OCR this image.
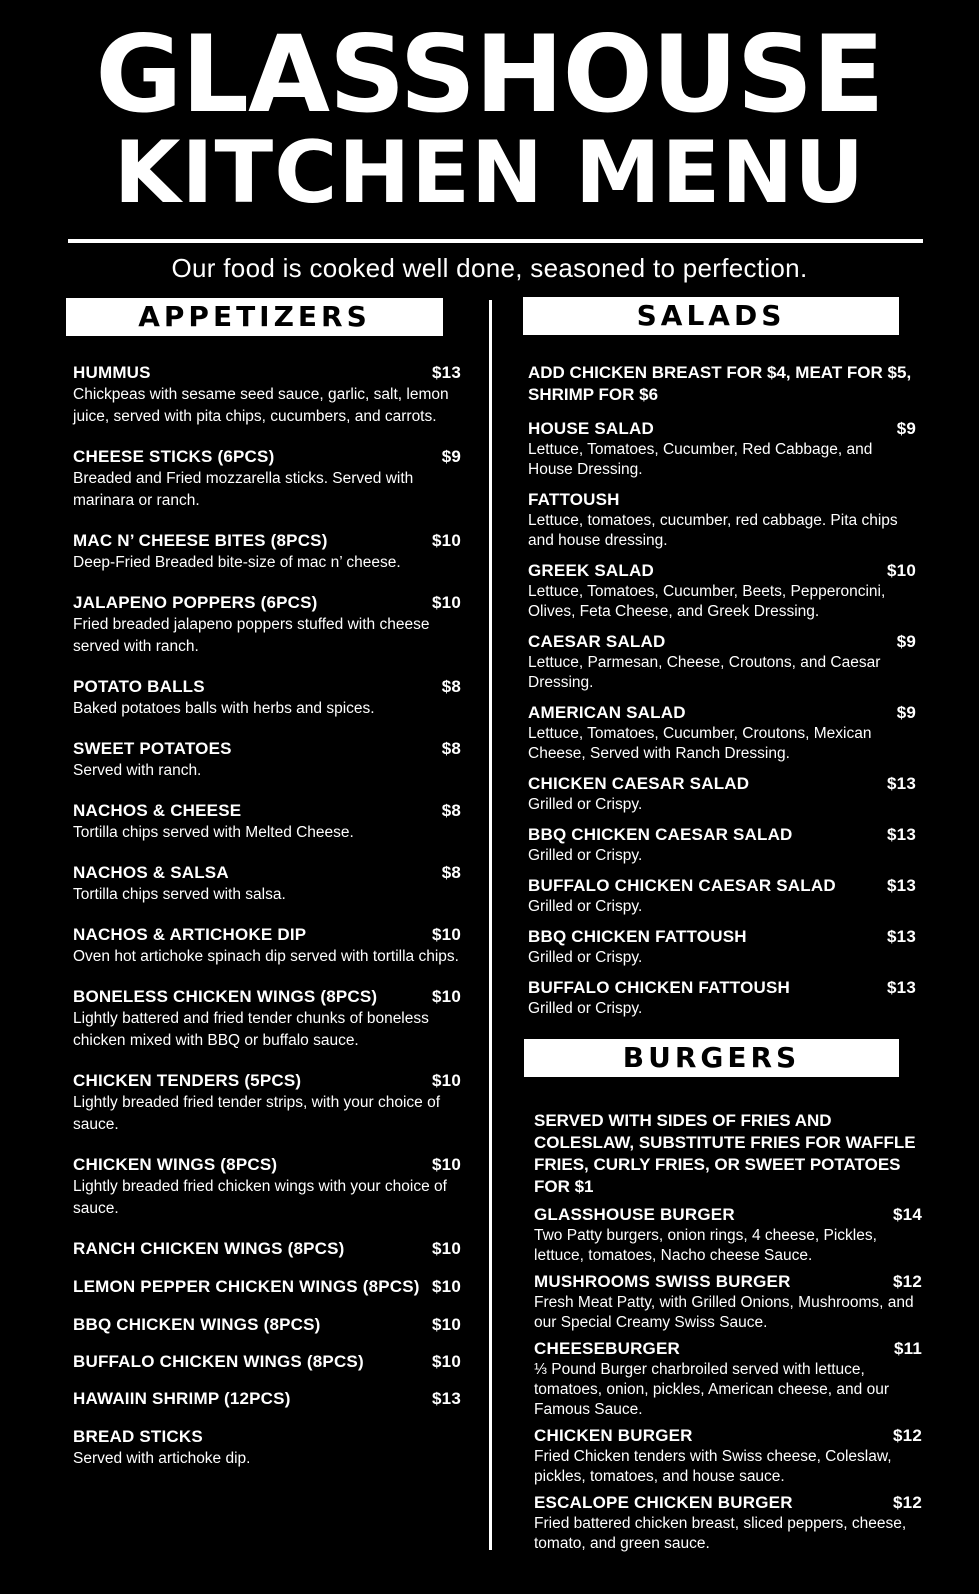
GLASSHOUSE
KITCHEN MENU
Our food is cooked well done, seasoned to perfection.
APPETIZERS	SALADS
BURGERS
HUMMUS	$13
Chickpeas with sesame seed sauce, garlic, salt, lemon juice, served with pita chips, cucumbers, and carrots.
CHEESE STICKS (6PCS)	$9
Breaded and Fried mozzarella sticks. Served with marinara or ranch.
MAC N’ CHEESE BITES (8PCS)	$10
Deep-Fried Breaded bite-size of mac n’ cheese.
JALAPENO POPPERS (6PCS)	$10
Fried breaded jalapeno poppers stuffed with cheese served with ranch.
POTATO BALLS	$8
Baked potatoes balls with herbs and spices.
SWEET POTATOES	$8
Served with ranch.
NACHOS & CHEESE	$8
Tortilla chips served with Melted Cheese.
NACHOS & SALSA	$8
Tortilla chips served with salsa.
NACHOS & ARTICHOKE DIP	$10
Oven hot artichoke spinach dip served with tortilla chips.
BONELESS CHICKEN WINGS (8PCS)	$10
Lightly battered and fried tender chunks of boneless chicken mixed with BBQ or buffalo sauce.
CHICKEN TENDERS (5PCS)	$10
Lightly breaded fried tender strips, with your choice of sauce.
CHICKEN WINGS (8PCS)	$10
Lightly breaded fried chicken wings with your choice of sauce.
RANCH CHICKEN WINGS (8PCS)	$10
LEMON PEPPER CHICKEN WINGS (8PCS) $10
BBQ CHICKEN WINGS (8PCS)	$10
BUFFALO CHICKEN WINGS (8PCS)	$10
HAWAIIN SHRIMP (12PCS)	$13
BREAD STICKS
Served with artichoke dip.
ADD CHICKEN BREAST FOR $4, MEAT FOR $5, SHRIMP FOR $6
HOUSE SALAD	$9
Lettuce, Tomatoes, Cucumber, Red Cabbage, and House Dressing.
FATTOUSH
Lettuce, tomatoes, cucumber, red cabbage. Pita chips and house dressing.
GREEK SALAD	$10
Lettuce, Tomatoes, Cucumber, Beets, Pepperoncini, Olives, Feta Cheese, and Greek Dressing.
CAESAR SALAD	$9
Lettuce, Parmesan, Cheese, Croutons, and Caesar Dressing.
AMERICAN SALAD	$9
Lettuce, Tomatoes, Cucumber, Croutons, Mexican Cheese, Served with Ranch Dressing.
CHICKEN CAESAR SALAD	$13
Grilled or Crispy.
BBQ CHICKEN CAESAR SALAD	$13
Grilled or Crispy.
BUFFALO CHICKEN CAESAR SALAD	$13
Grilled or Crispy.
BBQ CHICKEN FATTOUSH	$13
Grilled or Crispy.
BUFFALO CHICKEN FATTOUSH	$13
Grilled or Crispy.
SERVED WITH SIDES OF FRIES AND COLESLAW, SUBSTITUTE FRIES FOR WAFFLE FRIES, CURLY FRIES, OR SWEET POTATOES FOR $1
GLASSHOUSE BURGER	$14
Two Patty burgers, onion rings, 4 cheese, Pickles, lettuce, tomatoes, Nacho cheese Sauce.
MUSHROOMS SWISS BURGER	$12
Fresh Meat Patty, with Grilled Onions, Mushrooms, and our Special Creamy Swiss Sauce.
CHEESEBURGER	$11
⅓ Pound Burger charbroiled served with lettuce, tomatoes, onion, pickles, American cheese, and our Famous Sauce.
CHICKEN BURGER	$12
Fried Chicken tenders with Swiss cheese, Coleslaw, pickles, tomatoes, and house sauce.
ESCALOPE CHICKEN BURGER	$12
Fried battered chicken breast, sliced peppers, cheese, tomato, and green sauce.
